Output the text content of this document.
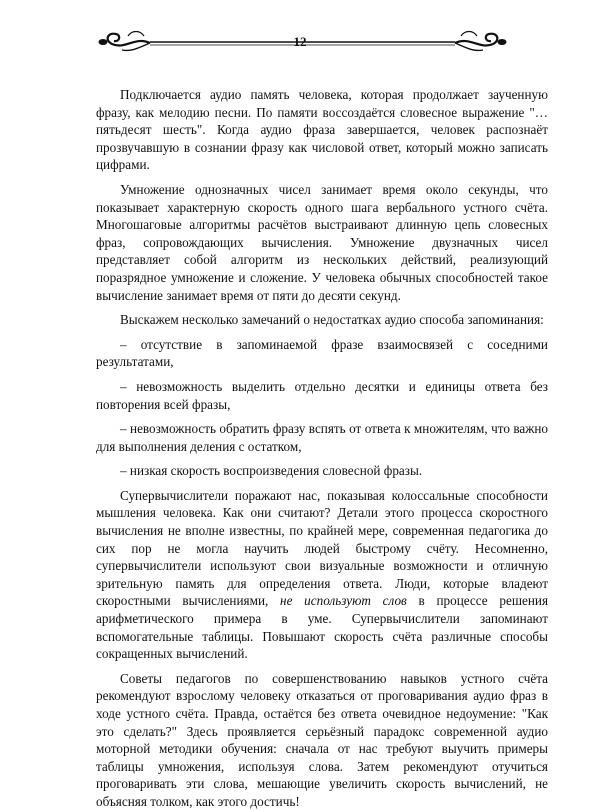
12

Подключается аудио память человека, которая продолжает заученную фразу, как мелодию песни. По памяти воссоздаётся словесное выражение "…пятьдесят шесть". Когда аудио фраза завершается, человек распознаёт прозвучавшую в сознании фразу как числовой ответ, который можно записать цифрами.

Умножение однозначных чисел занимает время около секунды, что показывает характерную скорость одного шага вербального устного счёта. Многошаговые алгоритмы расчётов выстраивают длинную цепь словесных фраз, сопровождающих вычисления. Умножение двузначных чисел представляет собой алгоритм из нескольких действий, реализующий поразрядное умножение и сложение. У человека обычных способностей такое вычисление занимает время от пяти до десяти секунд.

Выскажем несколько замечаний о недостатках аудио способа запоминания:

– отсутствие в запоминаемой фразе взаимосвязей с соседними результатами,

– невозможность выделить отдельно десятки и единицы ответа без повторения всей фразы,

– невозможность обратить фразу вспять от ответа к множителям, что важно для выполнения деления с остатком,

– низкая скорость воспроизведения словесной фразы.

Супервычислители поражают нас, показывая колоссальные способности мышления человека. Как они считают? Детали этого процесса скоростного вычисления не вполне известны, по крайней мере, современная педагогика до сих пор не могла научить людей быстрому счёту. Несомненно, супервычислители используют свои визуальные возможности и отличную зрительную память для определения ответа. Люди, которые владеют скоростными вычислениями, не используют слов в процессе решения арифметического примера в уме. Супервычислители запоминают вспомогательные таблицы. Повышают скорость счёта различные способы сокращенных вычислений.

Советы педагогов по совершенствованию навыков устного счёта рекомендуют взрослому человеку отказаться от проговаривания аудио фраз в ходе устного счёта. Правда, остаётся без ответа очевидное недоумение: "Как это сделать?" Здесь проявляется серьёзный парадокс современной аудио моторной методики обучения: сначала от нас требуют выучить примеры таблицы умножения, используя слова. Затем рекомендуют отучиться проговаривать эти слова, мешающие увеличить скорость вычислений, не объясняя толком, как этого достичь!
